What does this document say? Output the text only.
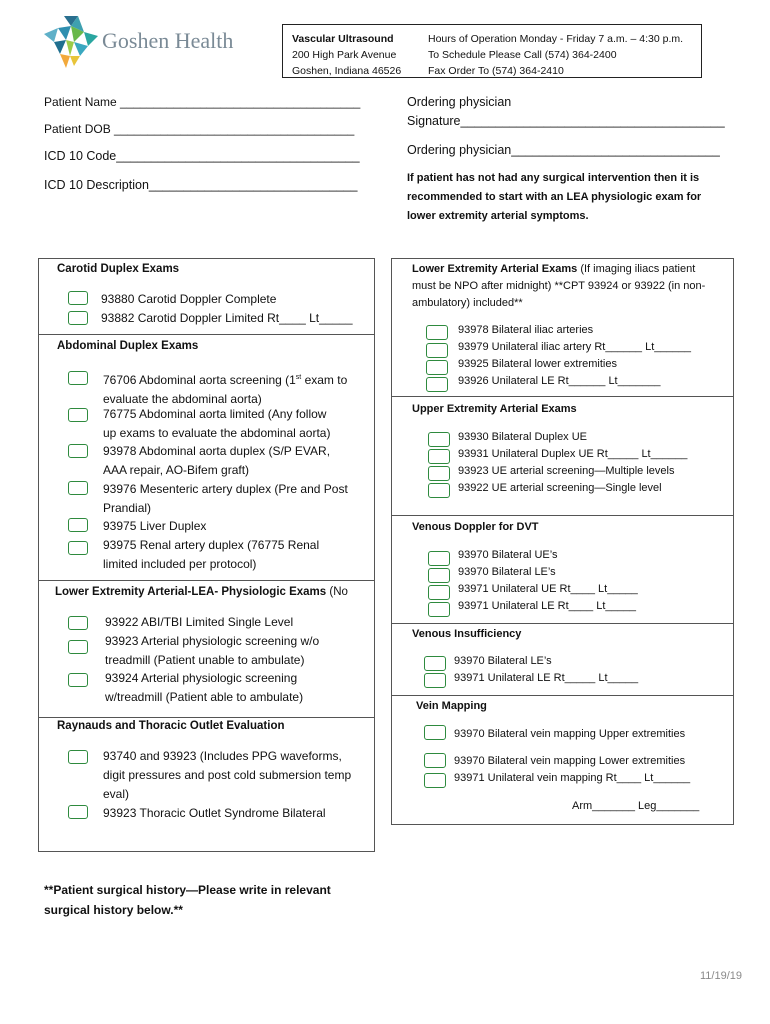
Goshen Health	Vascular Ultrasound
200 High Park Avenue
Goshen, Indiana 46526
Hours of Operation Monday - Friday 7 a.m. – 4:30 p.m.
To Schedule Please Call (574) 364-2400
Fax Order To (574) 364-2410
Patient Name ____________________________________
Patient DOB ____________________________________
ICD 10 Code___________________________________
ICD 10 Description______________________________
Ordering physician
Signature______________________________________
Ordering physician______________________________
If patient has not had any surgical intervention then it is
recommended to start with an LEA physiologic exam for
lower extremity arterial symptoms.
Carotid Duplex Exams
93880 Carotid Doppler Complete
93882 Carotid Doppler Limited Rt____ Lt_____
Abdominal Duplex Exams
76706 Abdominal aorta screening (1st exam to
evaluate the abdominal aorta)
76775 Abdominal aorta limited (Any follow
up exams to evaluate the abdominal aorta)
93978 Abdominal aorta duplex (S/P EVAR,
AAA repair, AO-Bifem graft)
93976 Mesenteric artery duplex (Pre and Post
Prandial)
93975 Liver Duplex
93975 Renal artery duplex (76775 Renal
limited included per protocol)
Lower Extremity Arterial-LEA- Physiologic Exams (No
93922 ABI/TBI Limited Single Level
93923 Arterial physiologic screening w/o
treadmill (Patient unable to ambulate)
93924 Arterial physiologic screening
w/treadmill (Patient able to ambulate)
Raynauds and Thoracic Outlet Evaluation
93740 and 93923 (Includes PPG waveforms,
digit pressures and post cold submersion temp
eval)
93923 Thoracic Outlet Syndrome Bilateral
Lower Extremity Arterial Exams (If imaging iliacs patient
must be NPO after midnight) **CPT 93924 or 93922 (in non-
ambulatory) included**
93978 Bilateral iliac arteries
93979 Unilateral iliac artery Rt______ Lt______
93925 Bilateral lower extremities
93926 Unilateral LE Rt______ Lt_______
Upper Extremity Arterial Exams
93930 Bilateral Duplex UE
93931 Unilateral Duplex UE Rt_____ Lt______
93923 UE arterial screening—Multiple levels
93922 UE arterial screening—Single level
Venous Doppler for DVT
93970 Bilateral UE’s
93970 Bilateral LE’s
93971 Unilateral UE Rt____ Lt_____
93971 Unilateral LE Rt____ Lt_____
Venous Insufficiency
93970 Bilateral LE’s
93971 Unilateral LE Rt_____ Lt_____
Vein Mapping
93970 Bilateral vein mapping Upper extremities
93970 Bilateral vein mapping Lower extremities
93971 Unilateral vein mapping Rt____ Lt______
Arm_______ Leg_______
**Patient surgical history—Please write in relevant
surgical history below.**
11/19/19
